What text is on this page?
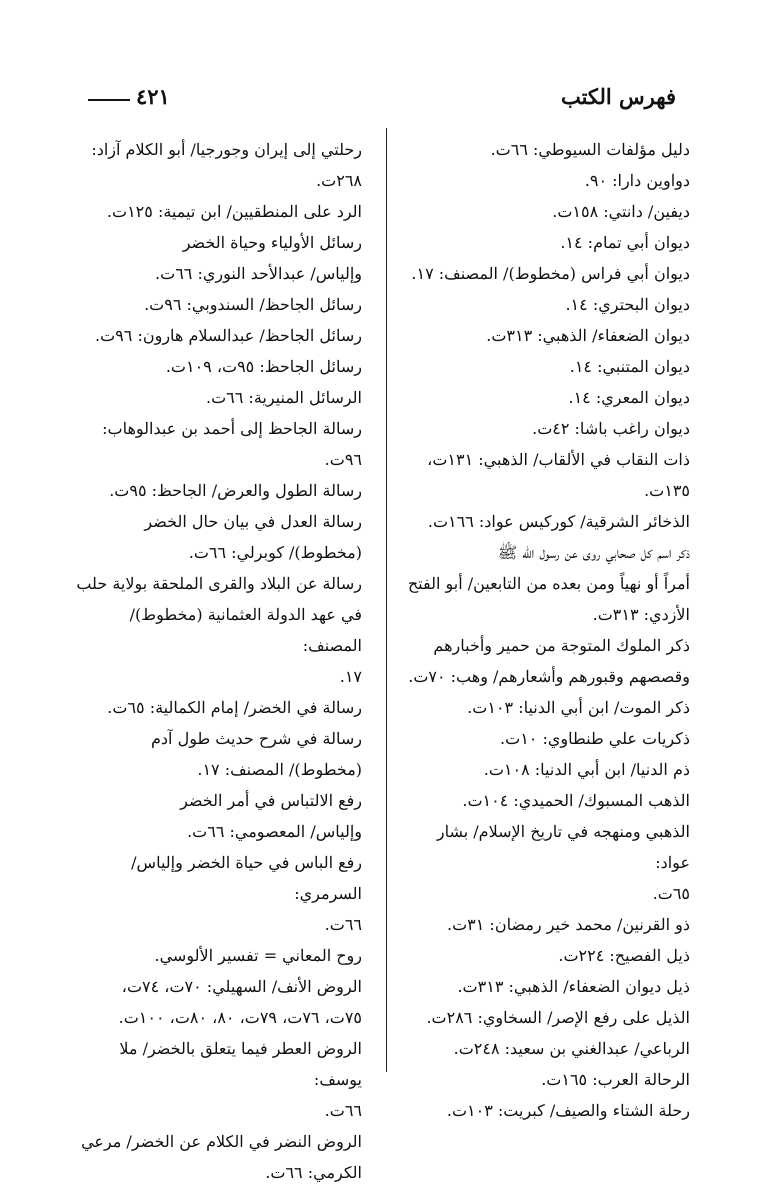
فهرس الكتب
٤٢١
دليل مؤلفات السيوطي: ٦٦ت.
دواوين دارا: ٩٠.
ديفين/ دانتي: ١٥٨ت.
ديوان أبي تمام: ١٤.
ديوان أبي فراس (مخطوط)/ المصنف: ١٧.
ديوان البحتري: ١٤.
ديوان الضعفاء/ الذهبي: ٣١٣ت.
ديوان المتنبي: ١٤.
ديوان المعري: ١٤.
ديوان راغب باشا: ٤٢ت.
ذات النقاب في الألقاب/ الذهبي: ١٣١ت،
١٣٥ت.
الذخائر الشرقية/ كوركيس عواد: ١٦٦ت.
ذكر اسم كل صحابي روى عن رسول الله ﷺ
أمراً أو نهياً ومن بعده من التابعين/ أبو الفتح
الأزدي: ٣١٣ت.
ذكر الملوك المتوجة من حمير وأخبارهم
وقصصهم وقبورهم وأشعارهم/ وهب: ٧٠ت.
ذكر الموت/ ابن أبي الدنيا: ١٠٣ت.
ذكريات علي طنطاوي: ١٠ت.
ذم الدنيا/ ابن أبي الدنيا: ١٠٨ت.
الذهب المسبوك/ الحميدي: ١٠٤ت.
الذهبي ومنهجه في تاريخ الإسلام/ بشار عواد:
٦٥ت.
ذو القرنين/ محمد خير رمضان: ٣١ت.
ذيل الفصيح: ٢٢٤ت.
ذيل ديوان الضعفاء/ الذهبي: ٣١٣ت.
الذيل على رفع الإصر/ السخاوي: ٢٨٦ت.
الرباعي/ عبدالغني بن سعيد: ٢٤٨ت.
الرحالة العرب: ١٦٥ت.
رحلة الشتاء والصيف/ كبريت: ١٠٣ت.
رحلتي إلى إيران وجورجيا/ أبو الكلام آزاد:
٢٦٨ت.
الرد على المنطقيين/ ابن تيمية: ١٢٥ت.
رسائل الأولياء وحياة الخضر
وإلياس/ عبدالأحد النوري: ٦٦ت.
رسائل الجاحظ/ السندوبي: ٩٦ت.
رسائل الجاحظ/ عبدالسلام هارون: ٩٦ت.
رسائل الجاحظ: ٩٥ت، ١٠٩ت.
الرسائل المنيرية: ٦٦ت.
رسالة الجاحظ إلى أحمد بن عبدالوهاب:
٩٦ت.
رسالة الطول والعرض/ الجاحظ: ٩٥ت.
رسالة العدل في بيان حال الخضر
(مخطوط)/ كوبرلي: ٦٦ت.
رسالة عن البلاد والقرى الملحقة بولاية حلب
في عهد الدولة العثمانية (مخطوط)/ المصنف:
١٧.
رسالة في الخضر/ إمام الكمالية: ٦٥ت.
رسالة في شرح حديث طول آدم
(مخطوط)/ المصنف: ١٧.
رفع الالتباس في أمر الخضر
وإلياس/ المعصومي: ٦٦ت.
رفع الباس في حياة الخضر وإلياس/ السرمري:
٦٦ت.
روح المعاني = تفسير الألوسي.
الروض الأنف/ السهيلي: ٧٠ت، ٧٤ت،
٧٥ت، ٧٦ت، ٧٩ت، ٨٠، ٨٠ت، ١٠٠ت.
الروض العطر فيما يتعلق بالخضر/ ملا يوسف:
٦٦ت.
الروض النضر في الكلام عن الخضر/ مرعي
الكرمي: ٦٦ت.
